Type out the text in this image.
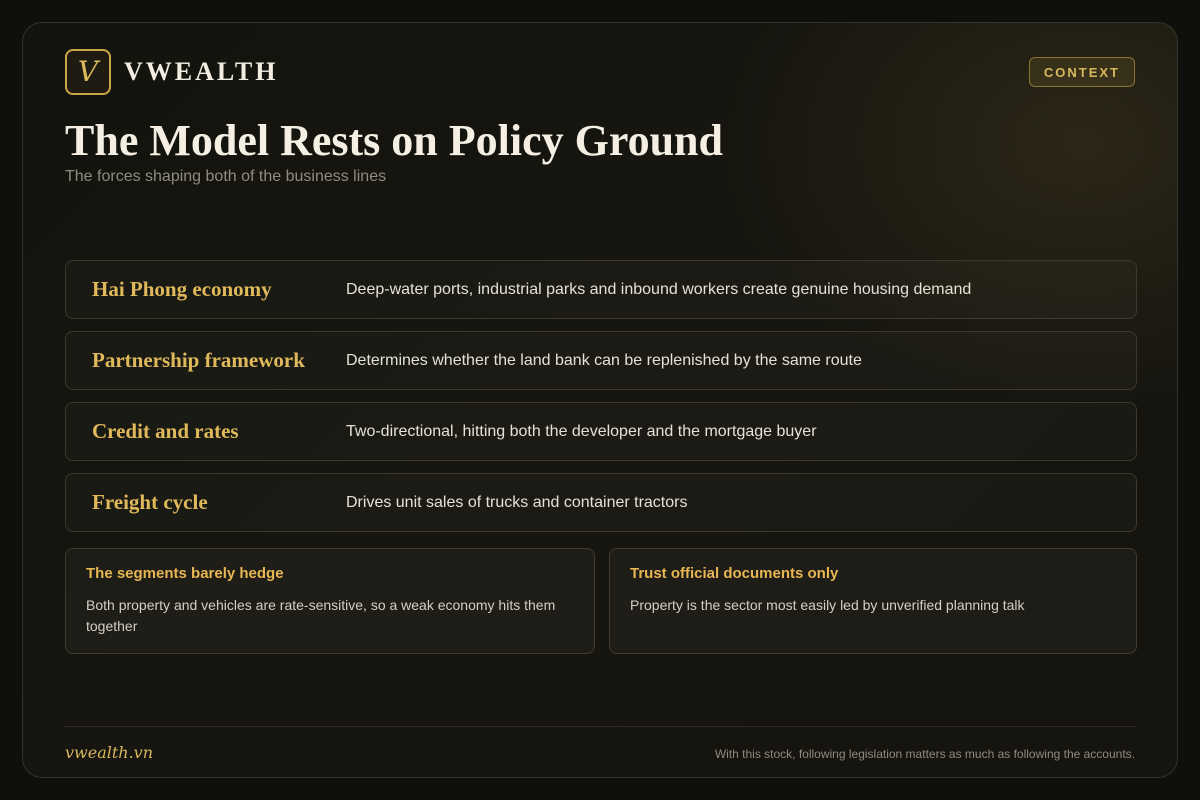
V VWEALTH	CONTEXT
The Model Rests on Policy Ground
The forces shaping both of the business lines
Hai Phong economy	Deep-water ports, industrial parks and inbound workers create genuine housing demand
Partnership framework	Determines whether the land bank can be replenished by the same route
Credit and rates	Two-directional, hitting both the developer and the mortgage buyer
Freight cycle	Drives unit sales of trucks and container tractors
The segments barely hedge
Both property and vehicles are rate-sensitive, so a weak economy hits them together
Trust official documents only
Property is the sector most easily led by unverified planning talk
vwealth.vn	With this stock, following legislation matters as much as following the accounts.
